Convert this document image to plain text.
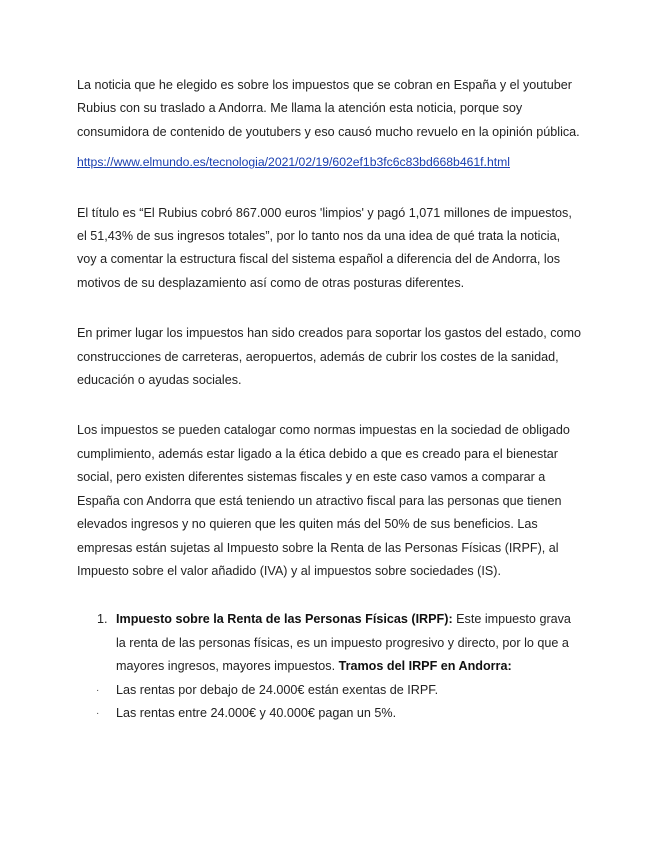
La noticia que he elegido es sobre los impuestos que se cobran en España y el youtuber Rubius con su traslado a Andorra. Me llama la atención esta noticia, porque soy consumidora de contenido de youtubers y eso causó mucho revuelo en la opinión pública.

https://www.elmundo.es/tecnologia/2021/02/19/602ef1b3fc6c83bd668b461f.html

El título es “El Rubius cobró 867.000 euros 'limpios' y pagó 1,071 millones de impuestos, el 51,43% de sus ingresos totales”, por lo tanto nos da una idea de qué trata la noticia, voy a comentar la estructura fiscal del sistema español a diferencia del de Andorra, los motivos de su desplazamiento así como de otras posturas diferentes.

En primer lugar los impuestos han sido creados para soportar los gastos del estado, como construcciones de carreteras, aeropuertos, además de cubrir los costes de la sanidad, educación o ayudas sociales.

Los impuestos se pueden catalogar como normas impuestas en la sociedad de obligado cumplimiento, además estar ligado a la ética debido a que es creado para el bienestar social, pero existen diferentes sistemas fiscales y en este caso vamos a comparar a España con Andorra que está teniendo un atractivo fiscal para las personas que tienen elevados ingresos y no quieren que les quiten más del 50% de sus beneficios. Las empresas están sujetas al Impuesto sobre la Renta de las Personas Físicas (IRPF), al Impuesto sobre el valor añadido (IVA) y al impuestos sobre sociedades (IS).

1. Impuesto sobre la Renta de las Personas Físicas (IRPF): Este impuesto grava la renta de las personas físicas, es un impuesto progresivo y directo, por lo que a mayores ingresos, mayores impuestos. Tramos del IRPF en Andorra:
· Las rentas por debajo de 24.000€ están exentas de IRPF.
· Las rentas entre 24.000€ y 40.000€ pagan un 5%.
